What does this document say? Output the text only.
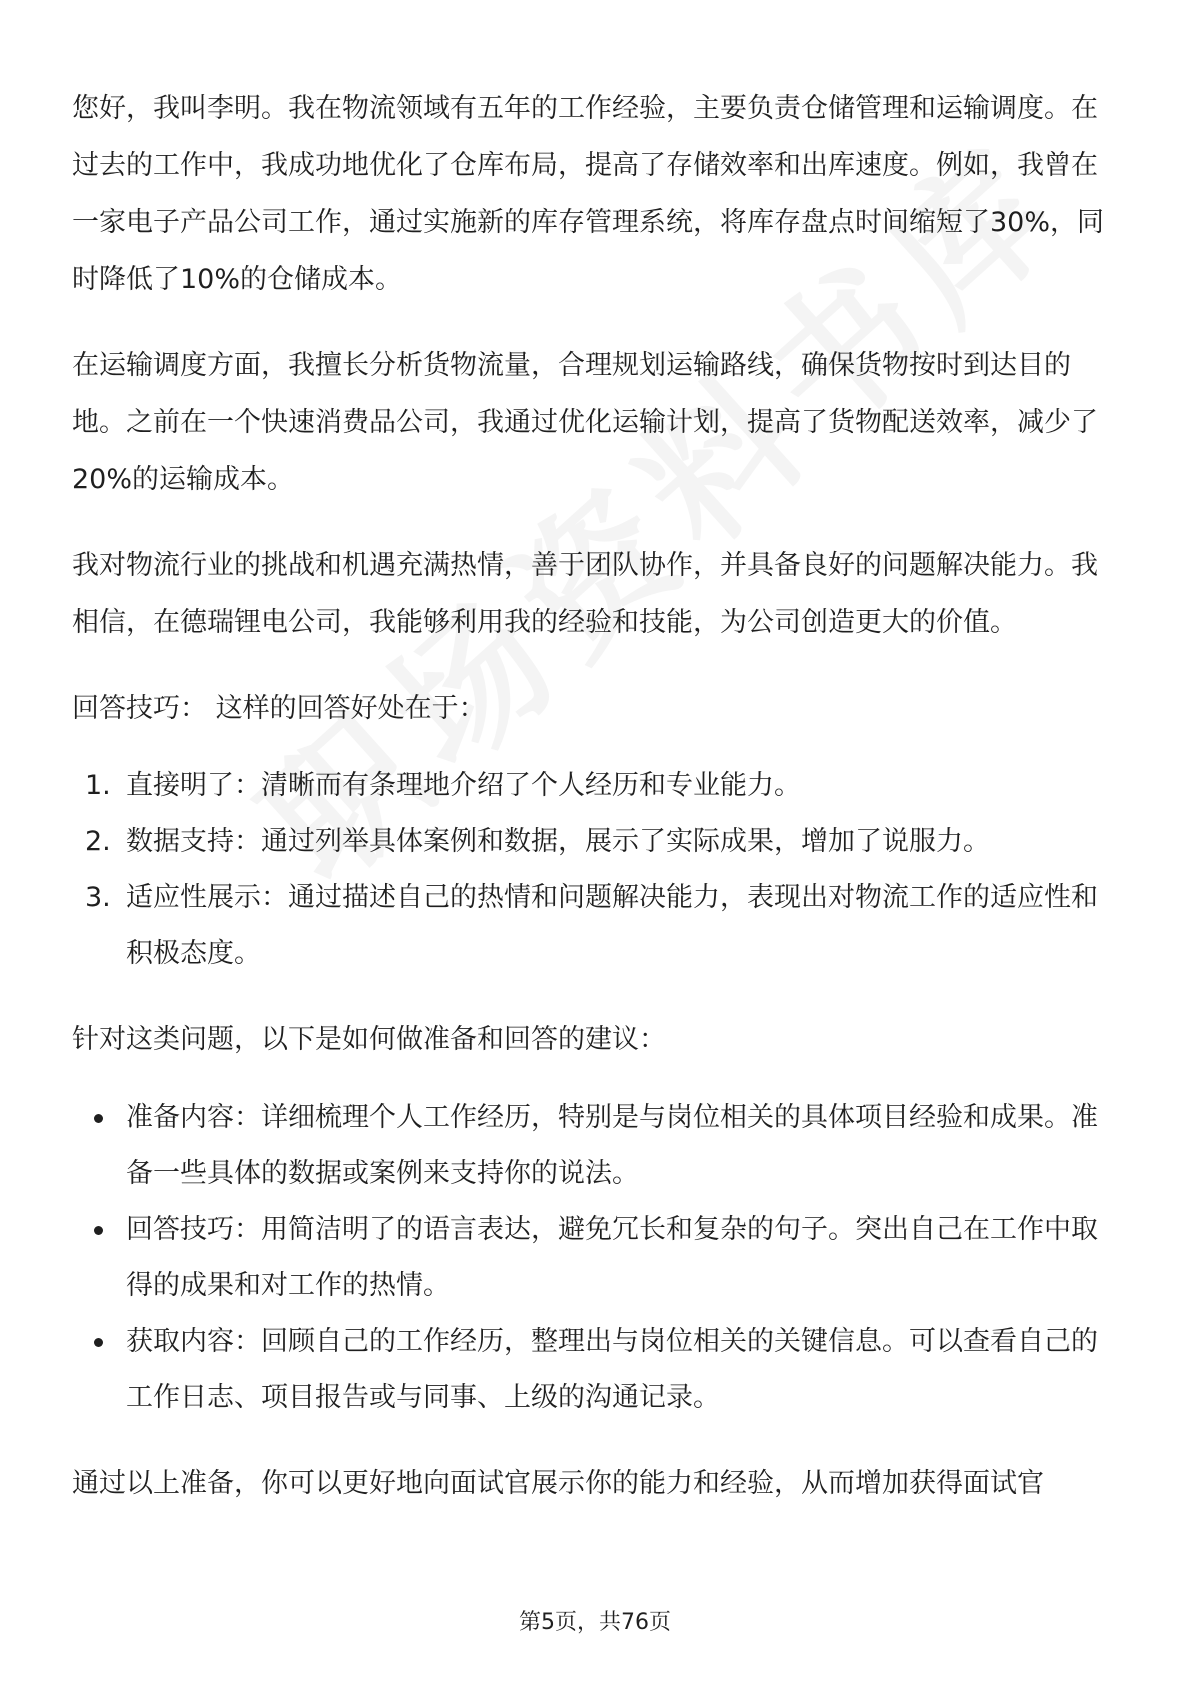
您好，我叫李明。我在物流领域有五年的工作经验，主要负责仓储管理和运输调度。在过去的工作中，我成功地优化了仓库布局，提高了存储效率和出库速度。例如，我曾在一家电子产品公司工作，通过实施新的库存管理系统，将库存盘点时间缩短了30%，同时降低了10%的仓储成本。

在运输调度方面，我擅长分析货物流量，合理规划运输路线，确保货物按时到达目的地。之前在一个快速消费品公司，我通过优化运输计划，提高了货物配送效率，减少了20%的运输成本。

我对物流行业的挑战和机遇充满热情，善于团队协作，并具备良好的问题解决能力。我相信，在德瑞锂电公司，我能够利用我的经验和技能，为公司创造更大的价值。

回答技巧： 这样的回答好处在于：

1. 直接明了：清晰而有条理地介绍了个人经历和专业能力。
2. 数据支持：通过列举具体案例和数据，展示了实际成果，增加了说服力。
3. 适应性展示：通过描述自己的热情和问题解决能力，表现出对物流工作的适应性和积极态度。

针对这类问题，以下是如何做准备和回答的建议：

准备内容：详细梳理个人工作经历，特别是与岗位相关的具体项目经验和成果。准备一些具体的数据或案例来支持你的说法。
回答技巧：用简洁明了的语言表达，避免冗长和复杂的句子。突出自己在工作中取得的成果和对工作的热情。
获取内容：回顾自己的工作经历，整理出与岗位相关的关键信息。可以查看自己的工作日志、项目报告或与同事、上级的沟通记录。

通过以上准备，你可以更好地向面试官展示你的能力和经验，从而增加获得面试官

第5页，共76页
